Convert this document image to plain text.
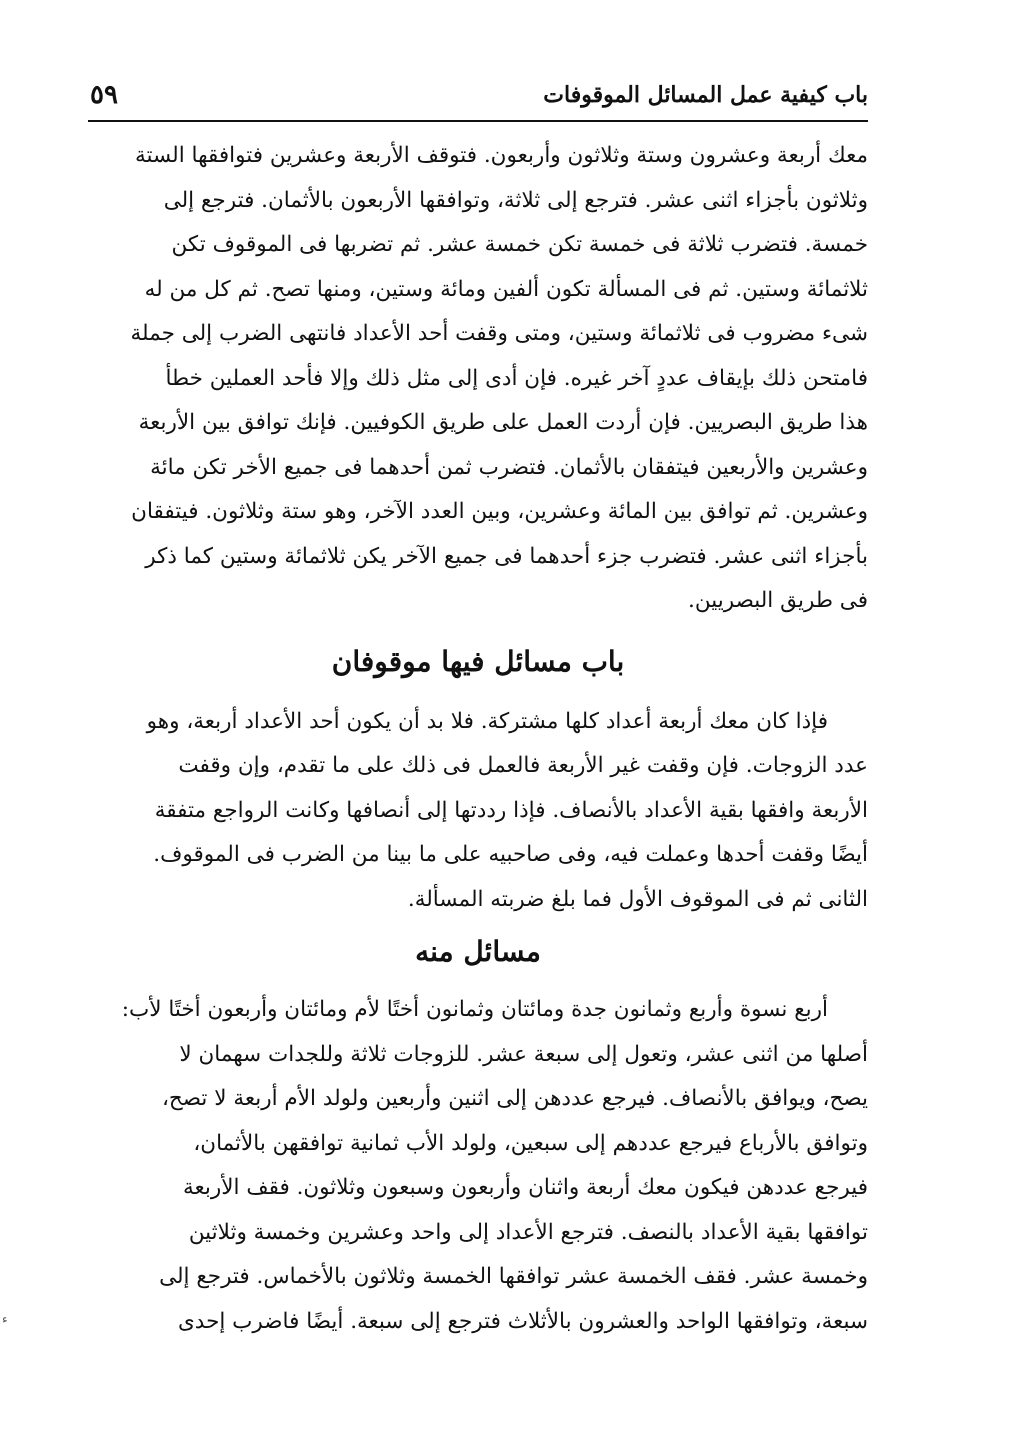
باب كيفية عمل المسائل الموقوفات
٥٩
معك أربعة وعشرون وستة وثلاثون وأربعون. فتوقف الأربعة وعشرين فتوافقها الستة
وثلاثون بأجزاء اثنى عشر. فترجع إلى ثلاثة، وتوافقها الأربعون بالأثمان. فترجع إلى
خمسة. فتضرب ثلاثة فى خمسة تكن خمسة عشر. ثم تضربها فى الموقوف تكن
ثلاثمائة وستين. ثم فى المسألة تكون ألفين ومائة وستين، ومنها تصح. ثم كل من له
شىء مضروب فى ثلاثمائة وستين، ومتى وقفت أحد الأعداد فانتهى الضرب إلى جملة
فامتحن ذلك بإيقاف عددٍ آخر غيره. فإن أدى إلى مثل ذلك وإلا فأحد العملين خطأ
هذا طريق البصريين. فإن أردت العمل على طريق الكوفيين. فإنك توافق بين الأربعة
وعشرين والأربعين فيتفقان بالأثمان. فتضرب ثمن أحدهما فى جميع الأخر تكن مائة
وعشرين. ثم توافق بين المائة وعشرين، وبين العدد الآخر، وهو ستة وثلاثون. فيتفقان
بأجزاء اثنى عشر. فتضرب جزء أحدهما فى جميع الآخر يكن ثلاثمائة وستين كما ذكر
فى طريق البصريين.
باب مسائل فيها موقوفان
فإذا كان معك أربعة أعداد كلها مشتركة. فلا بد أن يكون أحد الأعداد أربعة، وهو
عدد الزوجات. فإن وقفت غير الأربعة فالعمل فى ذلك على ما تقدم، وإن وقفت
الأربعة وافقها بقية الأعداد بالأنصاف. فإذا رددتها إلى أنصافها وكانت الرواجع متفقة
أيضًا وقفت أحدها وعملت فيه، وفى صاحبيه على ما بينا من الضرب فى الموقوف.
الثانى ثم فى الموقوف الأول فما بلغ ضربته المسألة.
مسائل منه
أربع نسوة وأربع وثمانون جدة ومائتان وثمانون أختًا لأم ومائتان وأربعون أختًا لأب:
أصلها من اثنى عشر، وتعول إلى سبعة عشر. للزوجات ثلاثة وللجدات سهمان لا
يصح، ويوافق بالأنصاف. فيرجع عددهن إلى اثنين وأربعين ولولد الأم أربعة لا تصح،
وتوافق بالأرباع فيرجع عددهم إلى سبعين، ولولد الأب ثمانية توافقهن بالأثمان،
فيرجع عددهن فيكون معك أربعة واثنان وأربعون وسبعون وثلاثون. فقف الأربعة
توافقها بقية الأعداد بالنصف. فترجع الأعداد إلى واحد وعشرين وخمسة وثلاثين
وخمسة عشر. فقف الخمسة عشر توافقها الخمسة وثلاثون بالأخماس. فترجع إلى
سبعة، وتوافقها الواحد والعشرون بالأثلاث فترجع إلى سبعة. أيضًا فاضرب إحدى
ء
